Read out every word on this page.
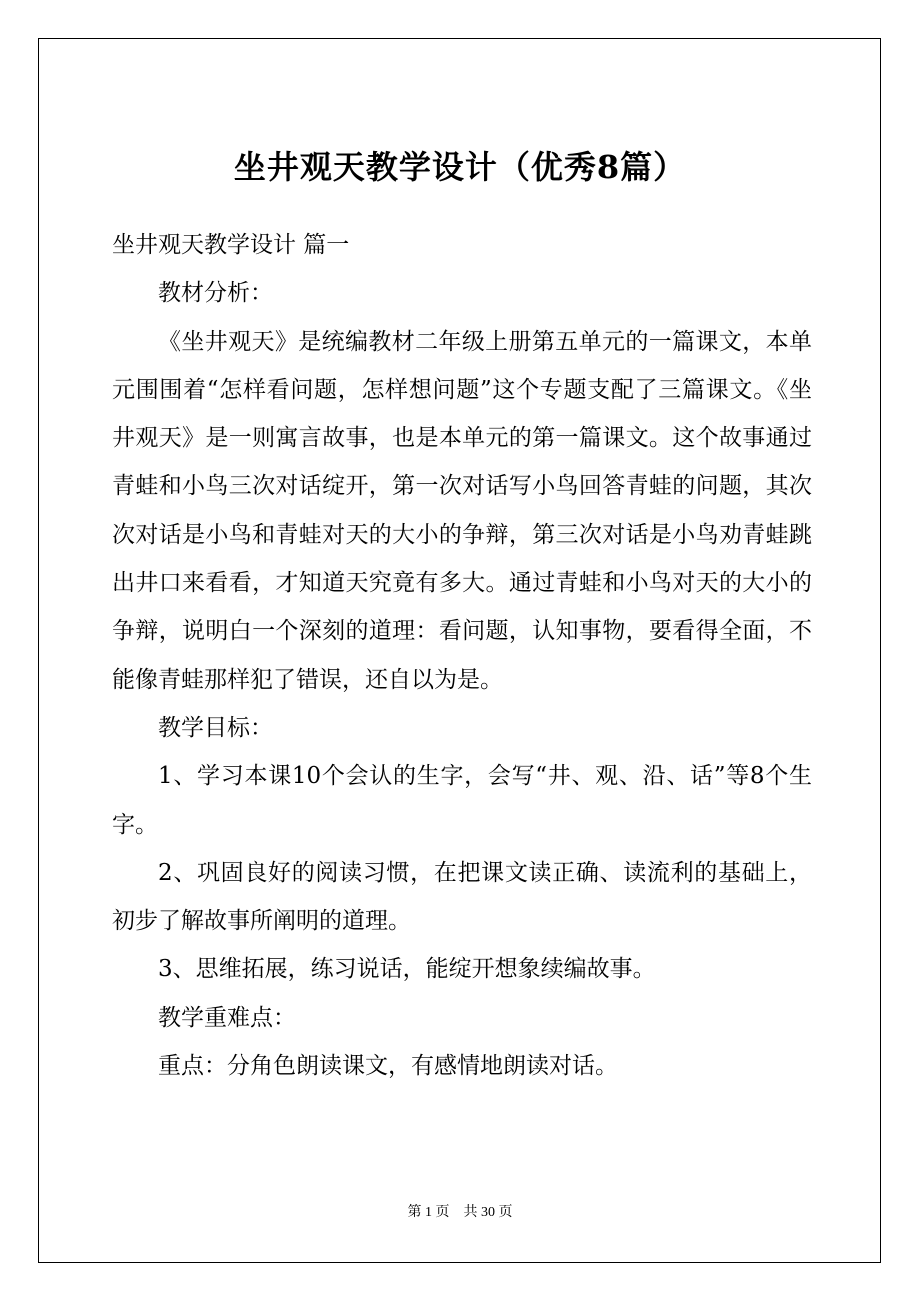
坐井观天教学设计（优秀8篇）

坐井观天教学设计 篇一

教材分析：

《坐井观天》是统编教材二年级上册第五单元的一篇课文，本单元围围着“怎样看问题，怎样想问题”这个专题支配了三篇课文。《坐井观天》是一则寓言故事，也是本单元的第一篇课文。这个故事通过青蛙和小鸟三次对话绽开，第一次对话写小鸟回答青蛙的问题，其次次对话是小鸟和青蛙对天的大小的争辩，第三次对话是小鸟劝青蛙跳出井口来看看，才知道天究竟有多大。通过青蛙和小鸟对天的大小的争辩，说明白一个深刻的道理：看问题，认知事物，要看得全面，不能像青蛙那样犯了错误，还自以为是。

教学目标：

1、学习本课10个会认的生字，会写“井、观、沿、话”等8个生字。

2、巩固良好的阅读习惯，在把课文读正确、读流利的基础上，初步了解故事所阐明的道理。

3、思维拓展，练习说话，能绽开想象续编故事。

教学重难点：

重点：分角色朗读课文，有感情地朗读对话。

第 1 页 共 30 页
